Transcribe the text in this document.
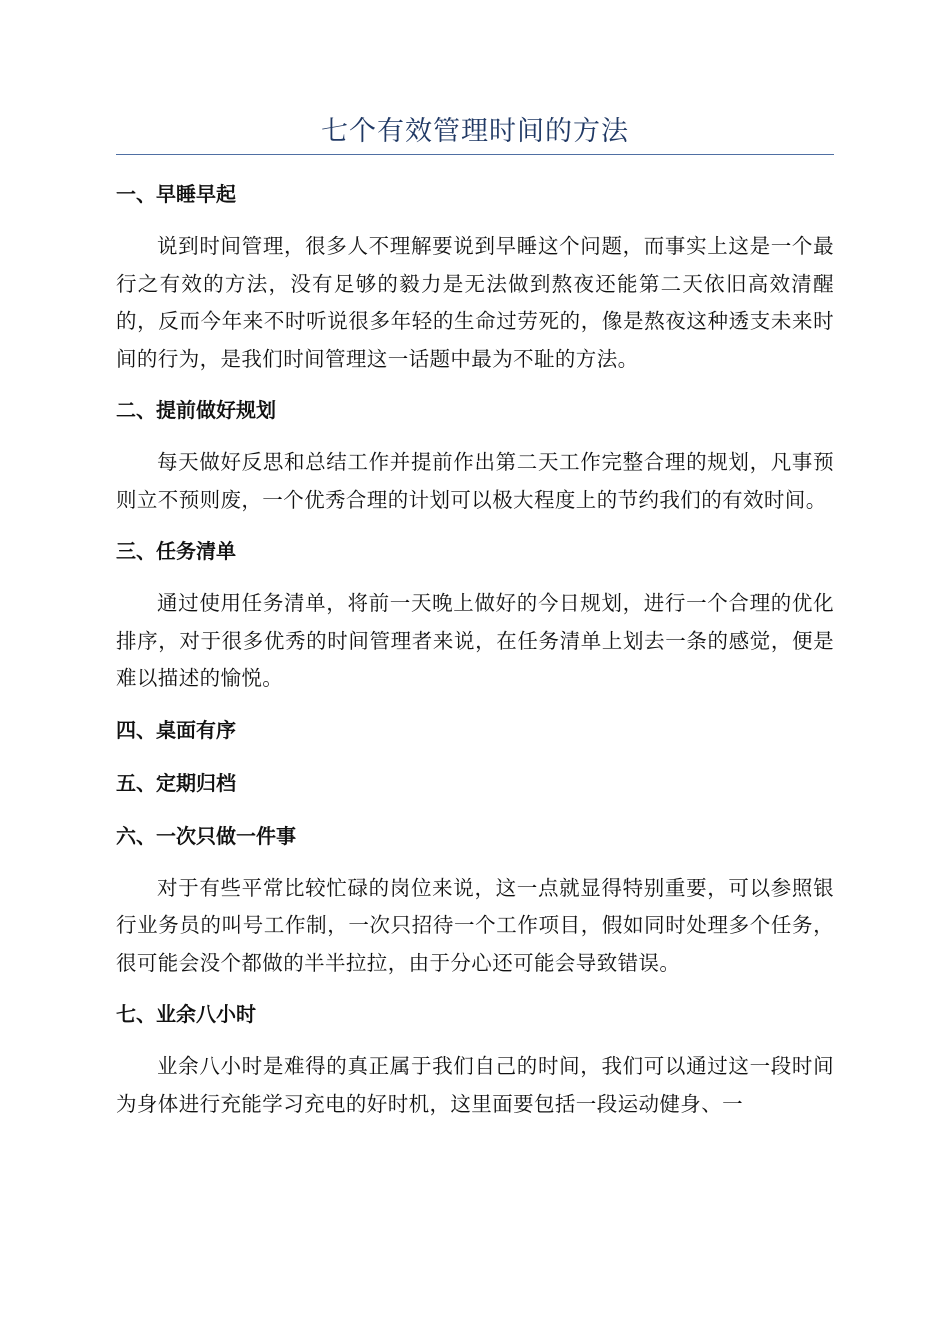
七个有效管理时间的方法
一、早睡早起

说到时间管理，很多人不理解要说到早睡这个问题，而事实上这是一个最行之有效的方法，没有足够的毅力是无法做到熬夜还能第二天依旧高效清醒的，反而今年来不时听说很多年轻的生命过劳死的，像是熬夜这种透支未来时间的行为，是我们时间管理这一话题中最为不耻的方法。

二、提前做好规划

每天做好反思和总结工作并提前作出第二天工作完整合理的规划，凡事预则立不预则废，一个优秀合理的计划可以极大程度上的节约我们的有效时间。

三、任务清单

通过使用任务清单，将前一天晚上做好的今日规划，进行一个合理的优化排序，对于很多优秀的时间管理者来说，在任务清单上划去一条的感觉，便是难以描述的愉悦。

四、桌面有序
五、定期归档
六、一次只做一件事

对于有些平常比较忙碌的岗位来说，这一点就显得特别重要，可以参照银行业务员的叫号工作制，一次只招待一个工作项目，假如同时处理多个任务，很可能会没个都做的半半拉拉，由于分心还可能会导致错误。

七、业余八小时

业余八小时是难得的真正属于我们自己的时间，我们可以通过这一段时间为身体进行充能学习充电的好时机，这里面要包括一段运动健身、一
